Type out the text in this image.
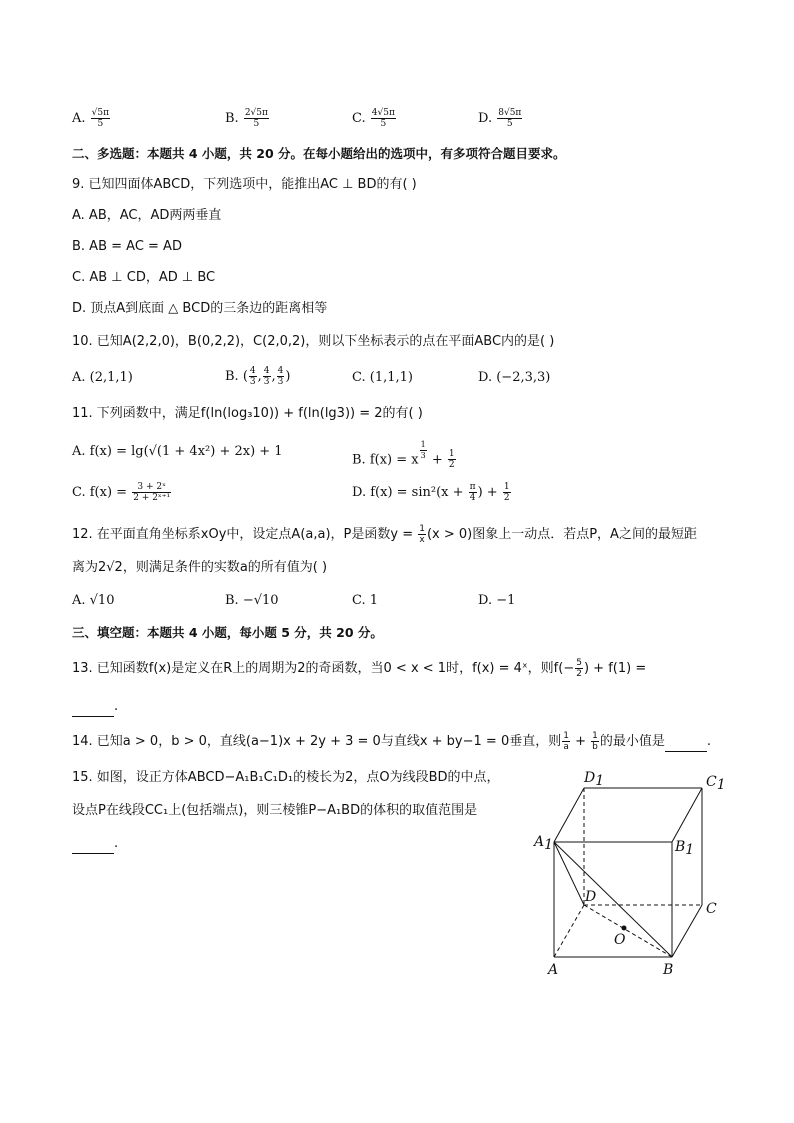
A. $\frac{√5\pi}{5}$	B. $\frac{2√5\pi}{5}$	C. $\frac{4√5\pi}{5}$	D. $\frac{8√5\pi}{5}$
二、多选题：本题共 4 小题，共 20 分。在每小题给出的选项中，有多项符合题目要求。
9. 已知四面体ABCD，下列选项中，能推出AC ⊥ BD的有( )
A. AB，AC，AD两两垂直
B. AB = AC = AD
C. AB ⊥ CD，AD ⊥ BC
D. 顶点A到底面 △ BCD的三条边的距离相等
10. 已知A(2,2,0)，B(0,2,2)，C(2,0,2)，则以下坐标表示的点在平面ABC内的是( )
A. (2,1,1)	B. ( $\frac{4}{3}$ , $\frac{4}{3}$ , $\frac{4}{3}$ )	C. (1,1,1)	D. (−2,3,3)
11. 下列函数中，满足f(ln(log₃10)) + f(ln(lg3)) = 2的有( )
A. f(x) = lg(√(1 + 4x²) + 2x) + 1
B. f(x) = x $\frac{1}{3} + \frac{1}{2}$
C. $f(x) = \frac{\text{3 + 2ˣ}}{\text{2 + 2ˣ⁺¹}}$	D. $f(x) = \sin^2(x + \frac{\pi}{4}$ ) + $\frac{1}{2}$
12. 在平面直角坐标系xOy中，设定点A(a,a)，P是函数$y = \frac{1}{x} (x > 0)$图象上一动点．若点P，A之间的最短距
离为2√2，则满足条件的实数a的所有值为( )
A. √10	B. −√10	C. 1	D. −1
三、填空题：本题共 4 小题，每小题 5 分，共 20 分。
13. 已知函数f(x)是定义在R上的周期为2的奇函数，当0 < x < 1时，f(x) = 4ˣ，则$f(- \frac{5}{2}$ ) + f(1) =
.
14. 已知a > 0，b > 0，直线(a−1)x + 2y + 3 = 0与直线x + by−1 = 0垂直，则 $\frac{1}{a} + \frac{1}{b}$ 的最小值是	.
15. 如图，设正方体ABCD−A₁B₁C₁D₁的棱长为2，点O为线段BD的中点，
设点P在线段CC₁上(包括端点)，则三棱锥P−A₁BD的体积的取值范围是
.
D1	C1
A1	B1
D
C
O
A	B
